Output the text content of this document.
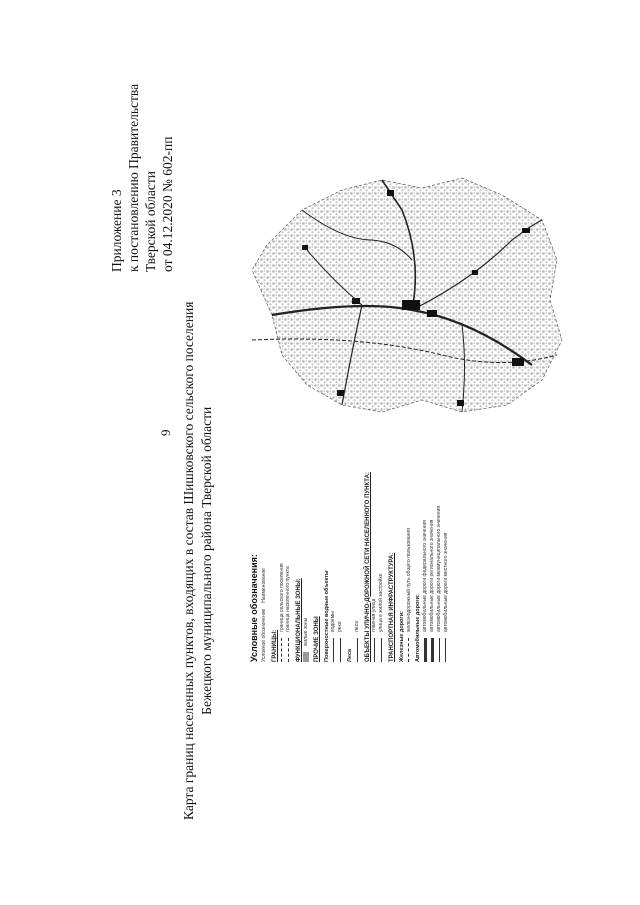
9
Приложение 3 к постановлению Правительства Тверской области от 04.12.2020 № 602-пп
Карта границ населенных пунктов, входящих в состав Шишковского сельского поселения Бежецкого муниципального района Тверской области	Условные обозначения: Условное обозначение
Наименование
ГРАНИЦЫ:
граница сельского поселения граница населенного пункта ФУНКЦИОНАЛЬНЫЕ ЗОНЫ: жилые зоны ПРОЧИЕ ЗОНЫ Поверхностные водные объекты водоемы реки
Леса
леса ОБЪЕКТЫ УЛИЧНО-ДОРОЖНОЙ СЕТИ НАСЕЛЕННОГО ПУНКТА: главная улица улица в жилой застройке ТРАНСПОРТНАЯ ИНФРАСТРУКТУРА: Железные дороги:
железнодорожный путь общего пользования Автомобильные дороги: автомобильные дороги федерального значения автомобильные дороги регионального значения автомобильные дороги межмуниципального значения автомобильные дороги местного значения
